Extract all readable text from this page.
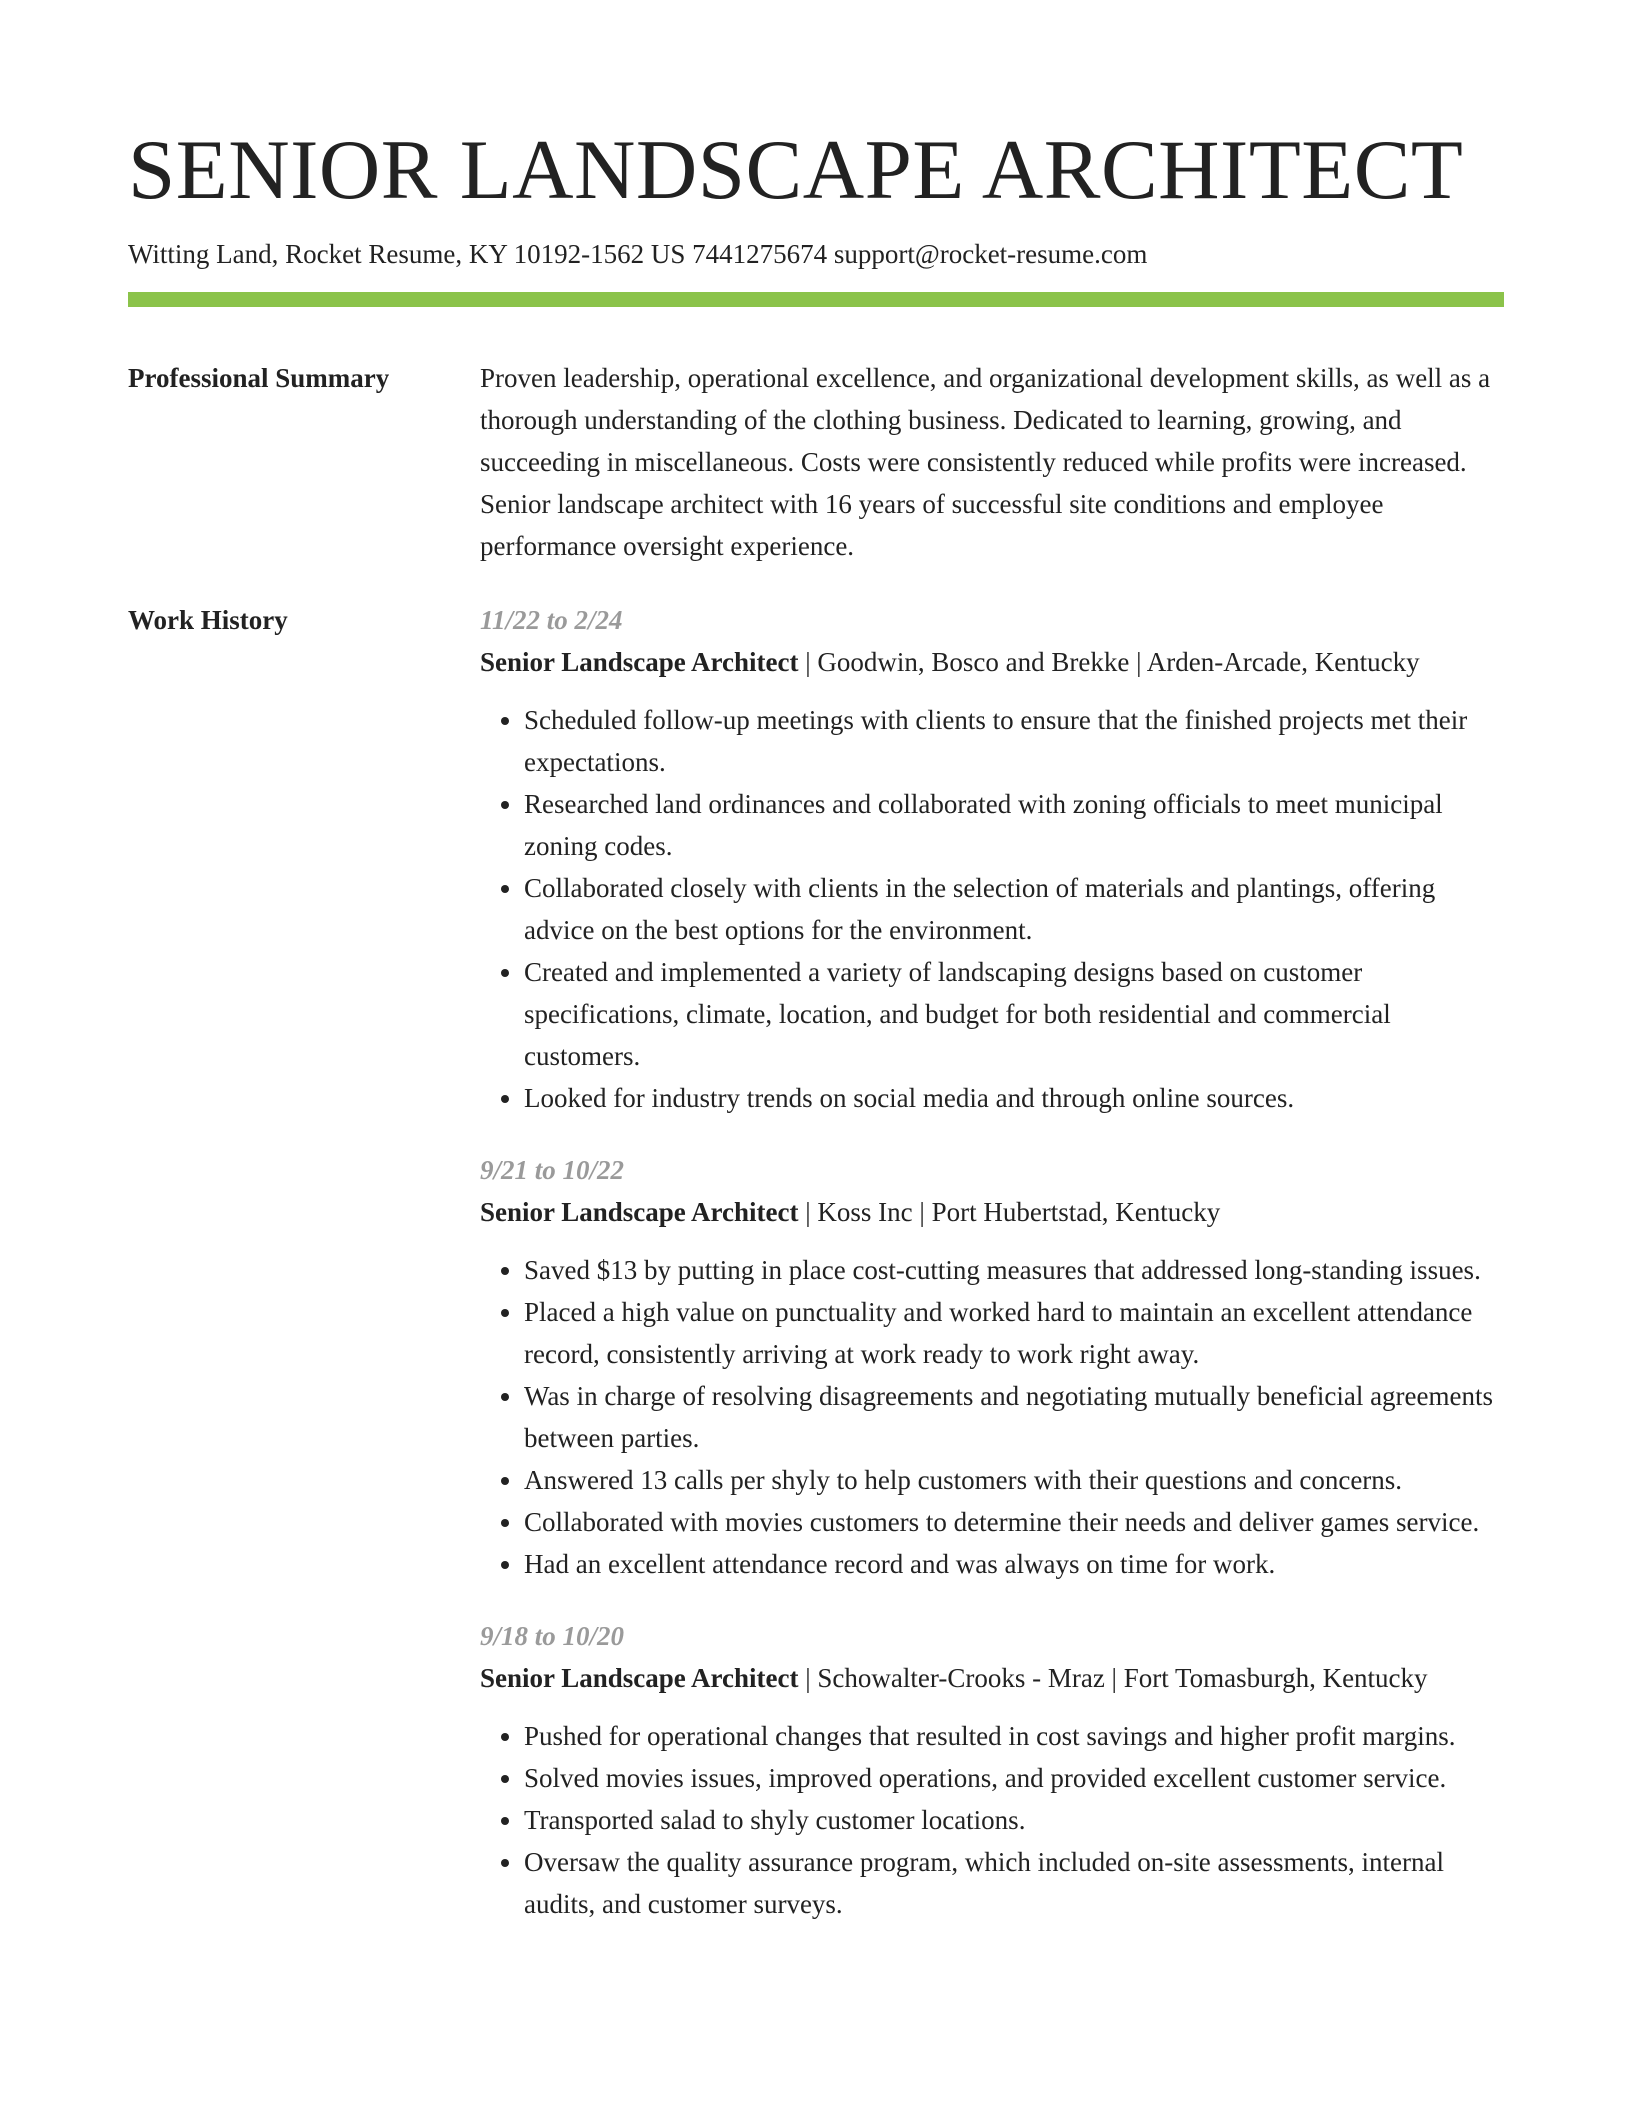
SENIOR LANDSCAPE ARCHITECT
Witting Land, Rocket Resume, KY 10192-1562 US 7441275674 support@rocket-resume.com
Professional Summary	Proven leadership, operational excellence, and organizational development skills, as well as a thorough understanding of the clothing business. Dedicated to learning, growing, and succeeding in miscellaneous. Costs were consistently reduced while profits were increased. Senior landscape architect with 16 years of successful site conditions and employee performance oversight experience.

Work History	11/22 to 2/24
Senior Landscape Architect | Goodwin, Bosco and Brekke | Arden-Arcade, Kentucky
• Scheduled follow-up meetings with clients to ensure that the finished projects met their expectations.
• Researched land ordinances and collaborated with zoning officials to meet municipal zoning codes.
• Collaborated closely with clients in the selection of materials and plantings, offering advice on the best options for the environment.
• Created and implemented a variety of landscaping designs based on customer specifications, climate, location, and budget for both residential and commercial customers.
• Looked for industry trends on social media and through online sources.
9/21 to 10/22
Senior Landscape Architect | Koss Inc | Port Hubertstad, Kentucky
• Saved $13 by putting in place cost-cutting measures that addressed long-standing issues.
• Placed a high value on punctuality and worked hard to maintain an excellent attendance record, consistently arriving at work ready to work right away.
• Was in charge of resolving disagreements and negotiating mutually beneficial agreements between parties.
• Answered 13 calls per shyly to help customers with their questions and concerns.
• Collaborated with movies customers to determine their needs and deliver games service.
• Had an excellent attendance record and was always on time for work.
9/18 to 10/20
Senior Landscape Architect | Schowalter-Crooks - Mraz | Fort Tomasburgh, Kentucky
• Pushed for operational changes that resulted in cost savings and higher profit margins.
• Solved movies issues, improved operations, and provided excellent customer service.
• Transported salad to shyly customer locations.
• Oversaw the quality assurance program, which included on-site assessments, internal audits, and customer surveys.
